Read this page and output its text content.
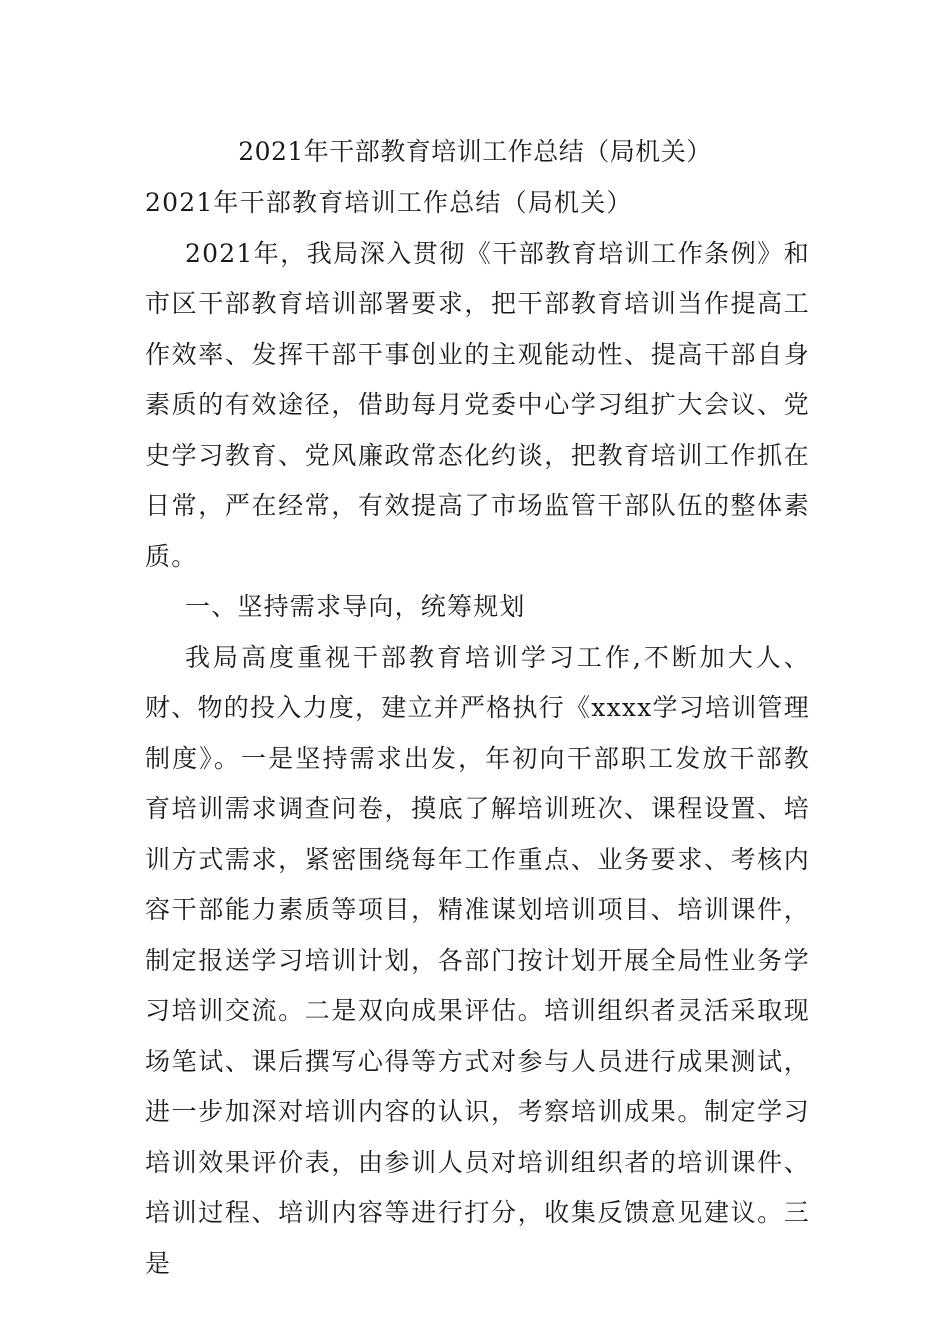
2021年干部教育培训工作总结（局机关）

2021年干部教育培训工作总结（局机关）

2021年，我局深入贯彻《干部教育培训工作条例》和市区干部教育培训部署要求，把干部教育培训当作提高工作效率、发挥干部干事创业的主观能动性、提高干部自身素质的有效途径，借助每月党委中心学习组扩大会议、党史学习教育、党风廉政常态化约谈，把教育培训工作抓在日常，严在经常，有效提高了市场监管干部队伍的整体素质。

一、坚持需求导向，统筹规划

我局高度重视干部教育培训学习工作,不断加大人、财、物的投入力度，建立并严格执行《xxxx学习培训管理制度》。一是坚持需求出发，年初向干部职工发放干部教育培训需求调查问卷，摸底了解培训班次、课程设置、培训方式需求，紧密围绕每年工作重点、业务要求、考核内容干部能力素质等项目，精准谋划培训项目、培训课件，制定报送学习培训计划，各部门按计划开展全局性业务学习培训交流。二是双向成果评估。培训组织者灵活采取现场笔试、课后撰写心得等方式对参与人员进行成果测试，进一步加深对培训内容的认识，考察培训成果。制定学习培训效果评价表，由参训人员对培训组织者的培训课件、培训过程、培训内容等进行打分，收集反馈意见建议。三是
